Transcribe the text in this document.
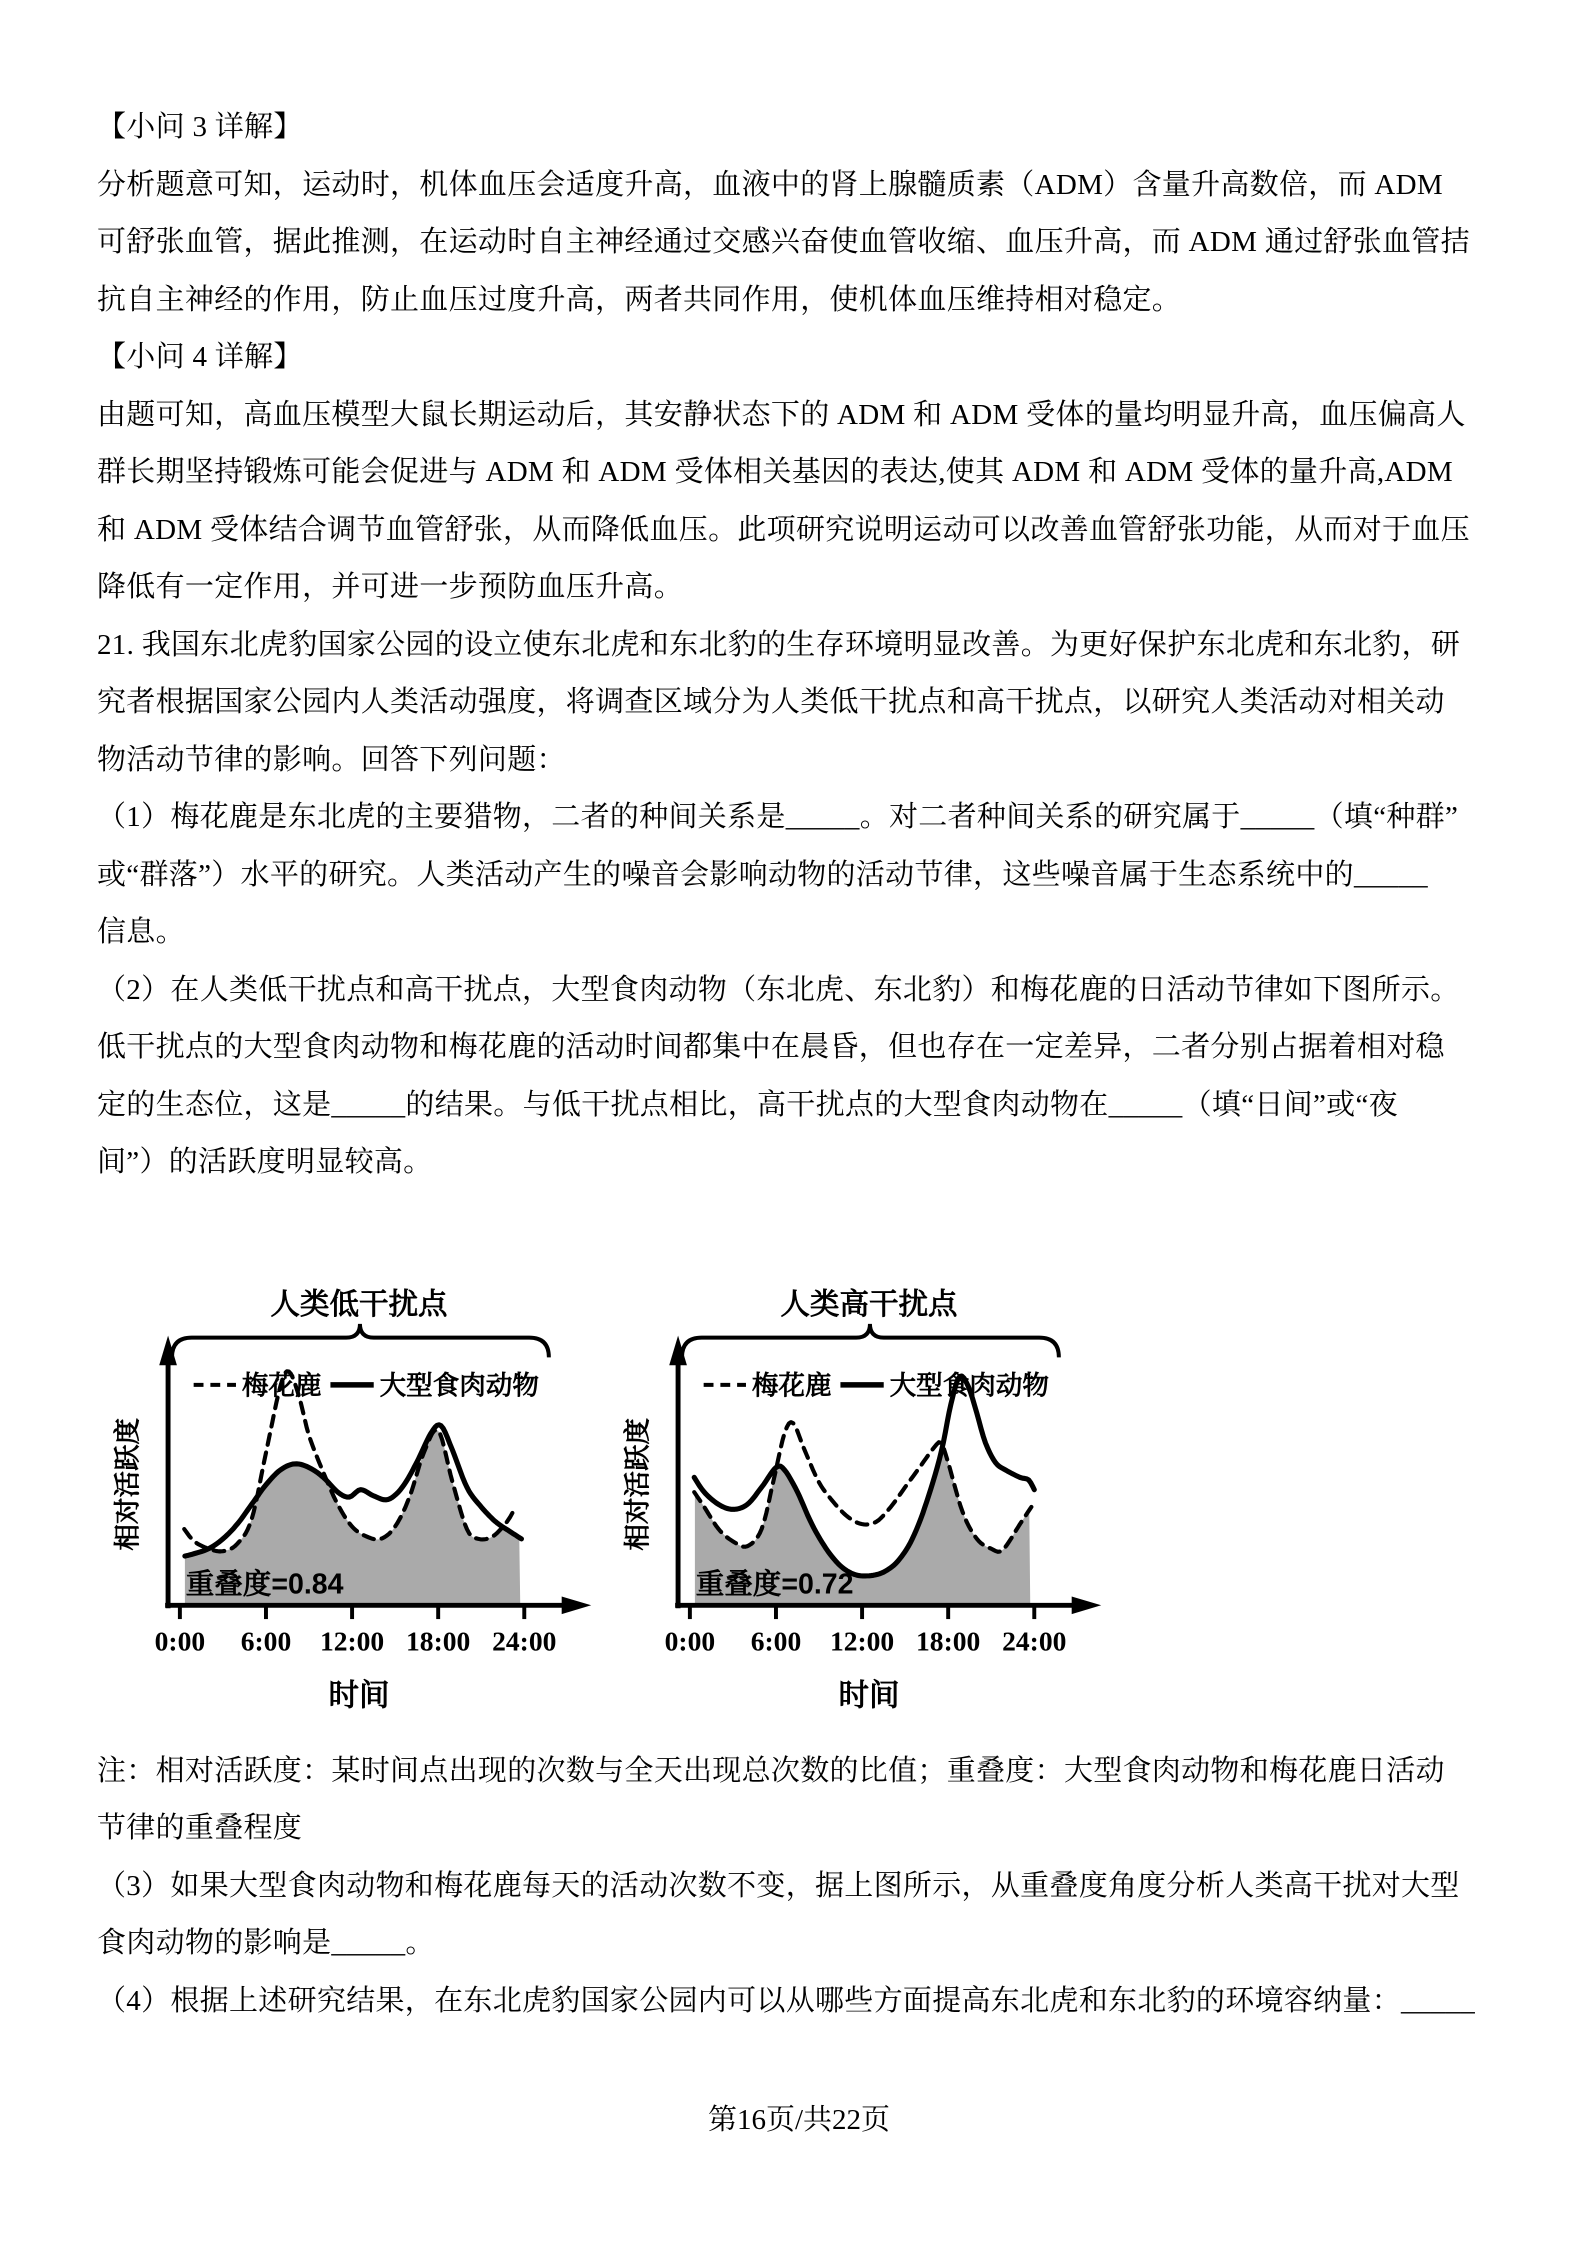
【小问 3 详解】
分析题意可知，运动时，机体血压会适度升高，血液中的肾上腺髓质素（ADM）含量升高数倍，而 ADM
可舒张血管，据此推测，在运动时自主神经通过交感兴奋使血管收缩、血压升高，而 ADM 通过舒张血管拮
抗自主神经的作用，防止血压过度升高，两者共同作用，使机体血压维持相对稳定。
【小问 4 详解】
由题可知，高血压模型大鼠长期运动后，其安静状态下的 ADM 和 ADM 受体的量均明显升高，血压偏高人
群长期坚持锻炼可能会促进与 ADM 和 ADM 受体相关基因的表达,使其 ADM 和 ADM 受体的量升高,ADM
和 ADM 受体结合调节血管舒张，从而降低血压。此项研究说明运动可以改善血管舒张功能，从而对于血压
降低有一定作用，并可进一步预防血压升高。
21. 我国东北虎豹国家公园的设立使东北虎和东北豹的生存环境明显改善。为更好保护东北虎和东北豹，研
究者根据国家公园内人类活动强度，将调查区域分为人类低干扰点和高干扰点，以研究人类活动对相关动
物活动节律的影响。回答下列问题：
（1）梅花鹿是东北虎的主要猎物，二者的种间关系是_____。对二者种间关系的研究属于_____（填“种群”
或“群落”）水平的研究。人类活动产生的噪音会影响动物的活动节律，这些噪音属于生态系统中的_____
信息。
（2）在人类低干扰点和高干扰点，大型食肉动物（东北虎、东北豹）和梅花鹿的日活动节律如下图所示。
低干扰点的大型食肉动物和梅花鹿的活动时间都集中在晨昏，但也存在一定差异，二者分别占据着相对稳
定的生态位，这是_____的结果。与低干扰点相比，高干扰点的大型食肉动物在_____（填“日间”或“夜
间”）的活跃度明显较高。
人类低干扰点
梅花鹿 大型食肉动物
0:00 6:00 12:00 18:00 24:00
相对活跃度
重叠度=0.84
时间

人类高干扰点
梅花鹿 大型食肉动物
0:00 6:00 12:00 18:00 24:00
相对活跃度
重叠度=0.72
时间
注：相对活跃度：某时间点出现的次数与全天出现总次数的比值；重叠度：大型食肉动物和梅花鹿日活动
节律的重叠程度
（3）如果大型食肉动物和梅花鹿每天的活动次数不变，据上图所示，从重叠度角度分析人类高干扰对大型
食肉动物的影响是_____。
（4）根据上述研究结果，在东北虎豹国家公园内可以从哪些方面提高东北虎和东北豹的环境容纳量：_____
第16页/共22页
